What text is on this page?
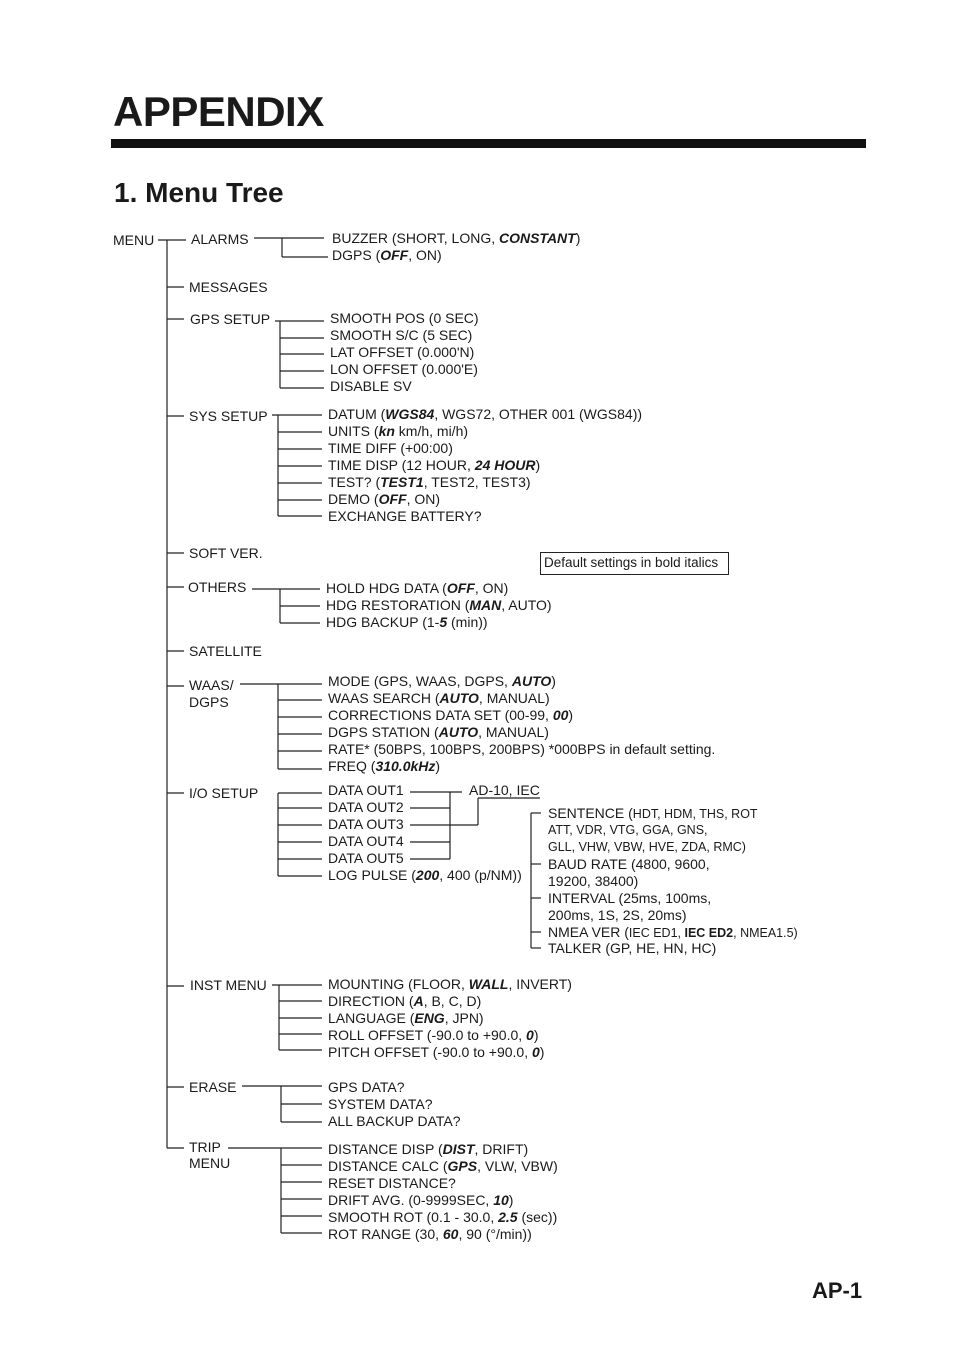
APPENDIX
1. Menu Tree
MENU	ALARMS
MESSAGES
GPS SETUP
SYS SETUP
SOFT VER.
OTHERS
SATELLITE
WAAS/
DGPS
I/O SETUP
INST MENU
ERASE
TRIP
MENU
AD-10, IEC
SENTENCE (HDT, HDM, THS, ROT
ATT, VDR, VTG, GGA, GNS,
GLL, VHW, VBW, HVE, ZDA, RMC)
BAUD RATE (4800, 9600,
19200, 38400)
INTERVAL (25ms, 100ms,
200ms, 1S, 2S, 20ms)
NMEA VER (IEC ED1, IEC ED2, NMEA1.5)
TALKER (GP, HE, HN, HC)
Default settings in bold italics
AP-1
BUZZER (SHORT, LONG, CONSTANT)
DGPS (OFF, ON)
SMOOTH POS (0 SEC)
SMOOTH S/C (5 SEC)
LAT OFFSET (0.000'N)
LON OFFSET (0.000'E)
DISABLE SV
DATUM (WGS84, WGS72, OTHER 001 (WGS84))
UNITS (kn km/h, mi/h)
TIME DIFF (+00:00)
TIME DISP (12 HOUR, 24 HOUR)
TEST? (TEST1, TEST2, TEST3)
DEMO (OFF, ON)
EXCHANGE BATTERY?
HOLD HDG DATA (OFF, ON)
HDG RESTORATION (MAN, AUTO)
HDG BACKUP (1-5 (min))
MODE (GPS, WAAS, DGPS, AUTO)
WAAS SEARCH (AUTO, MANUAL)
CORRECTIONS DATA SET (00-99, 00)
DGPS STATION (AUTO, MANUAL)
RATE* (50BPS, 100BPS, 200BPS) *000BPS in default setting.
FREQ (310.0kHz)
DATA OUT1
DATA OUT2
DATA OUT3
DATA OUT4
DATA OUT5
LOG PULSE (200, 400 (p/NM))
MOUNTING (FLOOR, WALL, INVERT)
DIRECTION (A, B, C, D)
LANGUAGE (ENG, JPN)
ROLL OFFSET (-90.0 to +90.0, 0)
PITCH OFFSET (-90.0 to +90.0, 0)
GPS DATA?
SYSTEM DATA?
ALL BACKUP DATA?
DISTANCE DISP (DIST, DRIFT)
DISTANCE CALC (GPS, VLW, VBW)
RESET DISTANCE?
DRIFT AVG. (0-9999SEC, 10)
SMOOTH ROT (0.1 - 30.0, 2.5 (sec))
ROT RANGE (30, 60, 90 (°/min))
